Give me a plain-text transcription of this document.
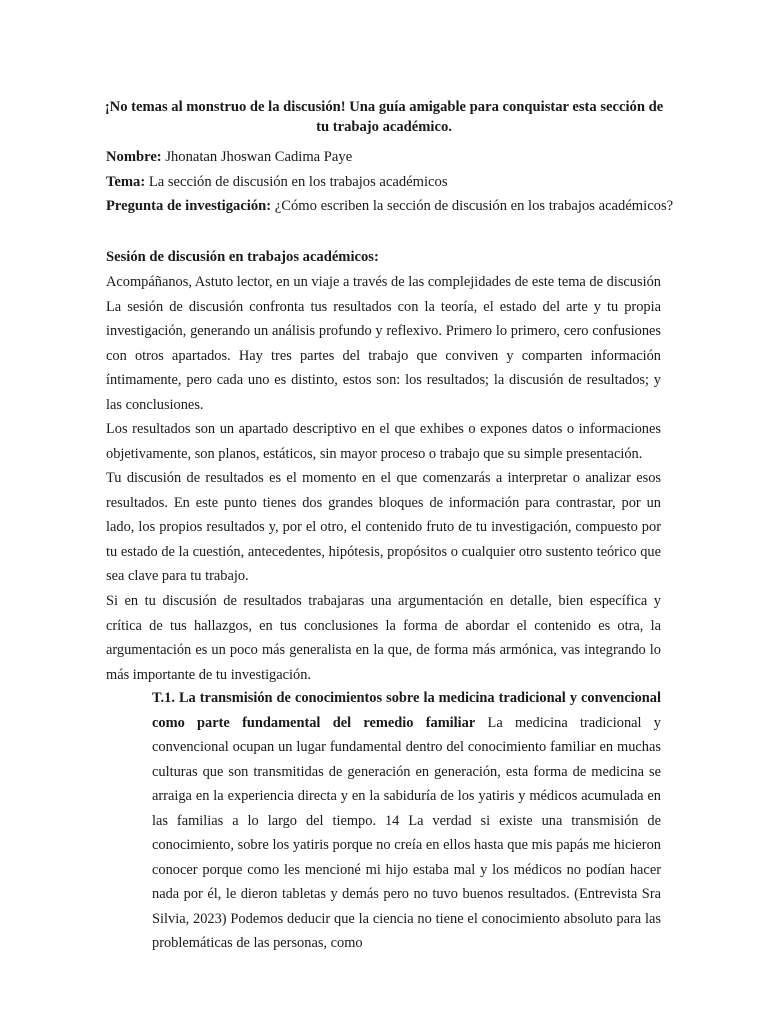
¡No temas al monstruo de la discusión! Una guía amigable para conquistar esta sección de tu trabajo académico.
Nombre: Jhonatan Jhoswan Cadima Paye
Tema: La sección de discusión en los trabajos académicos
Pregunta de investigación: ¿Cómo escriben la sección de discusión en los trabajos académicos?
Sesión de discusión en trabajos académicos:

Acompáñanos, Astuto lector, en un viaje a través de las complejidades de este tema de discusión La sesión de discusión confronta tus resultados con la teoría, el estado del arte y tu propia investigación, generando un análisis profundo y reflexivo. Primero lo primero, cero confusiones con otros apartados. Hay tres partes del trabajo que conviven y comparten información íntimamente, pero cada uno es distinto, estos son: los resultados; la discusión de resultados; y las conclusiones.

Los resultados son un apartado descriptivo en el que exhibes o expones datos o informaciones objetivamente, son planos, estáticos, sin mayor proceso o trabajo que su simple presentación.

Tu discusión de resultados es el momento en el que comenzarás a interpretar o analizar esos resultados. En este punto tienes dos grandes bloques de información para contrastar, por un lado, los propios resultados y, por el otro, el contenido fruto de tu investigación, compuesto por tu estado de la cuestión, antecedentes, hipótesis, propósitos o cualquier otro sustento teórico que sea clave para tu trabajo.

Si en tu discusión de resultados trabajaras una argumentación en detalle, bien específica y crítica de tus hallazgos, en tus conclusiones la forma de abordar el contenido es otra, la argumentación es un poco más generalista en la que, de forma más armónica, vas integrando lo más importante de tu investigación.

T.1. La transmisión de conocimientos sobre la medicina tradicional y convencional como parte fundamental del remedio familiar La medicina tradicional y convencional ocupan un lugar fundamental dentro del conocimiento familiar en muchas culturas que son transmitidas de generación en generación, esta forma de medicina se arraiga en la experiencia directa y en la sabiduría de los yatiris y médicos acumulada en las familias a lo largo del tiempo. 14 La verdad si existe una transmisión de conocimiento, sobre los yatiris porque no creía en ellos hasta que mis papás me hicieron conocer porque como les mencioné mi hijo estaba mal y los médicos no podían hacer nada por él, le dieron tabletas y demás pero no tuvo buenos resultados. (Entrevista Sra Silvia, 2023) Podemos deducir que la ciencia no tiene el conocimiento absoluto para las problemáticas de las personas, como
